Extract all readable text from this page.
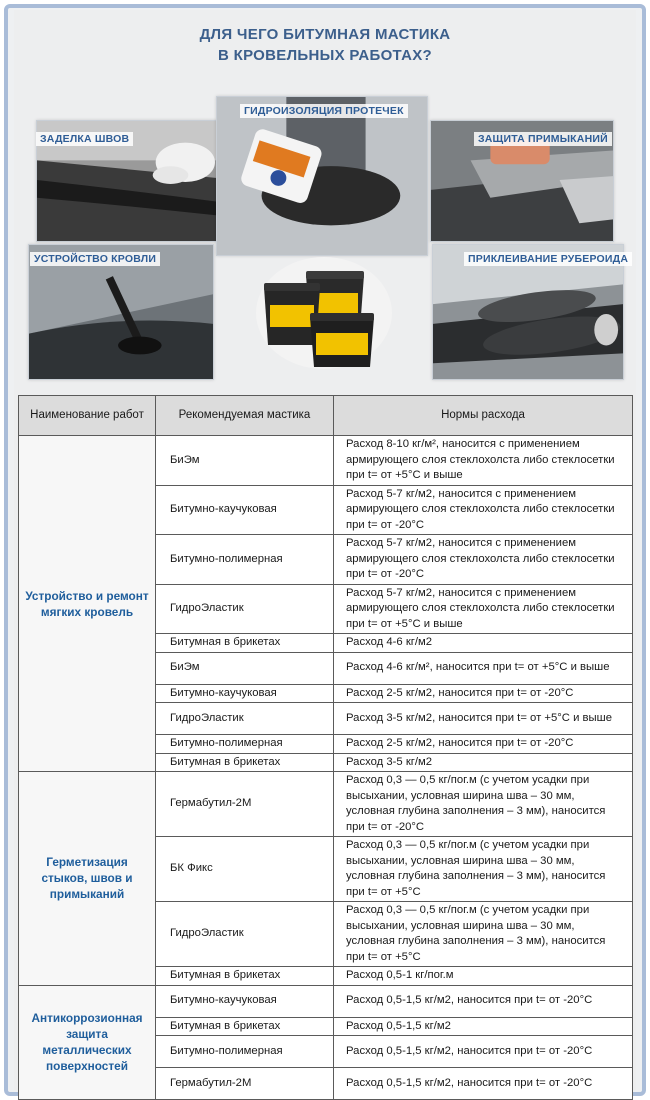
ДЛЯ ЧЕГО БИТУМНАЯ МАСТИКА
В КРОВЕЛЬНЫХ РАБОТАХ?
ЗАДЕЛКА ШВОВ
ГИДРОИЗОЛЯЦИЯ ПРОТЕЧЕК
ЗАЩИТА ПРИМЫКАНИЙ
УСТРОЙСТВО КРОВЛИ	ПРИКЛЕИВАНИЕ РУБЕРОИДА
Наименование работ	Рекомендуемая мастика	Нормы расхода
Устройство и ремонт мягких кровель	БиЭм	Расход 8-10 кг/м², наносится с применением армирующего слоя стеклохолста либо стеклосетки при t= от +5°С и выше
	Битумно-каучуковая	Расход 5-7 кг/м2, наносится с применением армирующего слоя стеклохолста либо стеклосетки при t= от -20°С
	Битумно-полимерная	Расход 5-7 кг/м2, наносится с применением армирующего слоя стеклохолста либо стеклосетки при t= от -20°С
	ГидроЭластик	Расход 5-7 кг/м2, наносится с применением армирующего слоя стеклохолста либо стеклосетки при t= от +5°С и выше
	Битумная в брикетах	Расход 4-6 кг/м2
	БиЭм	Расход 4-6 кг/м², наносится при t= от +5°С и выше
	Битумно-каучуковая	Расход 2-5 кг/м2, наносится при t= от -20°С
	ГидроЭластик	Расход 3-5 кг/м2, наносится при t= от +5°С и выше
	Битумно-полимерная	Расход 2-5 кг/м2, наносится при t= от -20°С
	Битумная в брикетах	Расход 3-5 кг/м2
Герметизация стыков, швов и примыканий	Гермабутил-2М	Расход 0,3 — 0,5 кг/пог.м (с учетом усадки при высыхании, условная ширина шва – 30 мм, условная глубина заполнения – 3 мм), наносится при t= от -20°С
	БК Фикс	Расход 0,3 — 0,5 кг/пог.м (с учетом усадки при высыхании, условная ширина шва – 30 мм, условная глубина заполнения – 3 мм), наносится при t= от +5°С
	ГидроЭластик	Расход 0,3 — 0,5 кг/пог.м (с учетом усадки при высыхании, условная ширина шва – 30 мм, условная глубина заполнения – 3 мм), наносится при t= от +5°С
	Битумная в брикетах	Расход 0,5-1 кг/пог.м
Антикоррозионная защита металлических поверхностей	Битумно-каучуковая	Расход 0,5-1,5 кг/м2, наносится при t= от -20°С
	Битумная в брикетах	Расход 0,5-1,5 кг/м2
	Битумно-полимерная	Расход 0,5-1,5 кг/м2, наносится при t= от -20°С
	Гермабутил-2М	Расход 0,5-1,5 кг/м2, наносится при t= от -20°С
